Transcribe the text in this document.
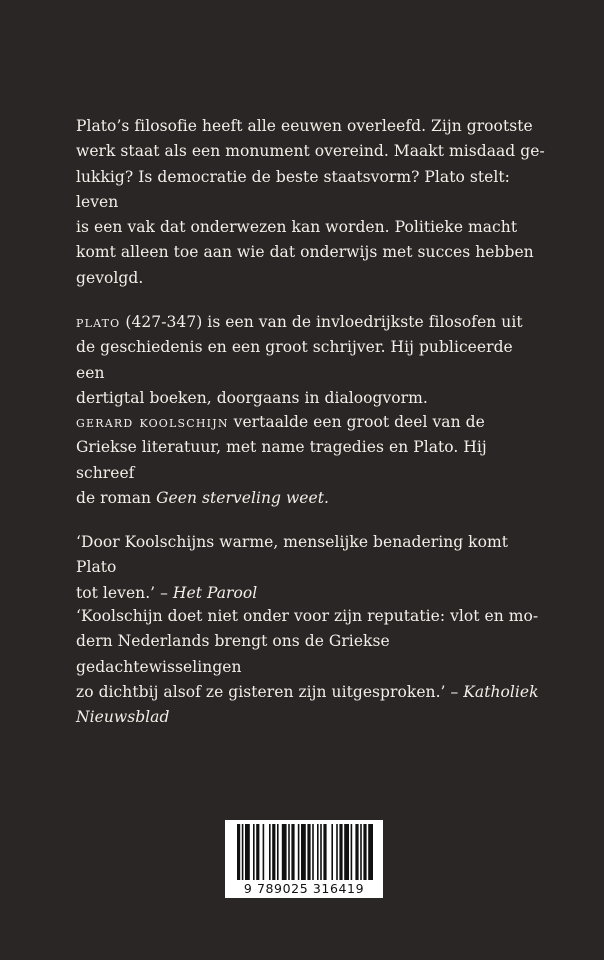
Plato’s filosofie heeft alle eeuwen overleefd. Zijn grootste

werk staat als een monument overeind. Maakt misdaad ge-

lukkig? Is democratie de beste staatsvorm? Plato stelt: leven

is een vak dat onderwezen kan worden. Politieke macht

komt alleen toe aan wie dat onderwijs met succes hebben

gevolgd.

plato (427-347) is een van de invloedrijkste filosofen uit

de geschiedenis en een groot schrijver. Hij publiceerde een

dertigtal boeken, doorgaans in dialoogvorm.

gerard koolschijn vertaalde een groot deel van de

Griekse literatuur, met name tragedies en Plato. Hij schreef

de roman Geen sterveling weet.

‘Door Koolschijns warme, menselijke benadering komt Plato

tot leven.’ – Het Parool

‘Koolschijn doet niet onder voor zijn reputatie: vlot en mo-

dern Nederlands brengt ons de Griekse gedachtewisselingen

zo dichtbij alsof ze gisteren zijn uitgesproken.’ – Katholiek

Nieuwsblad

9 789025 316419
